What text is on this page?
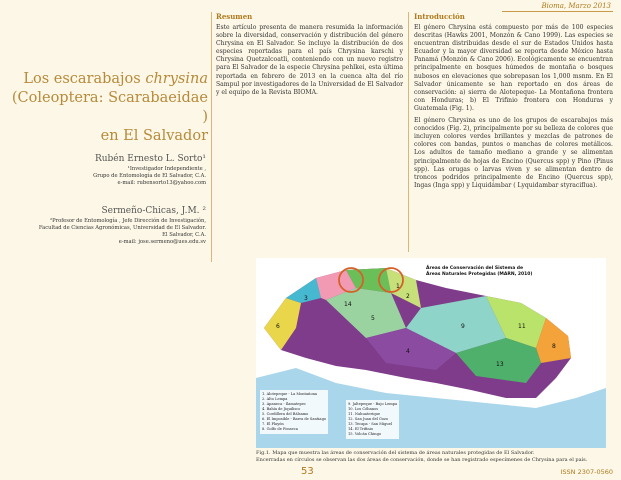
Bioma, Marzo 2013
Los escarabajos chrysina
(Coleoptera: Scarabaeidae )
en El Salvador
Rubén Ernesto L. Sorto¹
¹Investigador Independiente ,
Grupo de Entomología de El Salvador, C.A.
e-mail: rubensorto13@yahoo.com
Sermeño-Chicas, J.M. ²
²Profesor de Entomología , Jefe Dirección de Investigación,
Facultad de Ciencias Agronómicas, Universidad de El Salvador.
El Salvador, C.A.
e-mail: jose.sermeno@ues.edu.sv
Resumen

Este artículo presenta de manera resumida la información sobre la diversidad, conservación y distribución del género Chrysina en El Salvador. Se incluye la distribución de dos especies reportadas para el país Chrysina karschi y Chrysina Quetzalcoatli, conteniendo con un nuevo registro para El Salvador de la especie Chrysina pehlkei, esta última reportada en febrero de 2013 en la cuenca alta del río Sampul por investigadores de la Universidad de El Salvador y el equipo de la Revista BIOMA.

Introducción

El género Chrysina está compuesto por más de 100 especies descritas (Hawks 2001, Monzón & Cano 1999). Las especies se encuentran distribuidas desde el sur de Estados Unidos hasta Ecuador y la mayor diversidad se reporta desde México hasta Panamá (Monzón & Cano 2006). Ecológicamente se encuentran principalmente en bosques húmedos de montaña o bosques nubosos en elevaciones que sobrepasan los 1,000 msnm. En El Salvador únicamente se han reportado en dos áreas de conservación: a) sierra de Alotepeque- La Montañona frontera con Honduras; b) El Trifinio frontera con Honduras y Guatemala (Fig. 1).

El género Chrysina es uno de los grupos de escarabajos más conocidos (Fig. 2), principalmente por su belleza de colores que incluyen colores verdes brillantes y mezclas de patrones de colores con bandas, puntos o manchas de colores metálicos. Los adultos de tamaño mediano a grande y se alimentan principalmente de hojas de Encino (Quercus spp) y Pino (Pinus spp). Las orugas o larvas viven y se alimentan dentro de troncos podridos principalmente de Encino (Quercus spp), Ingas (Inga spp) y Liquidámbar ( Lyquidambar styraciflua).

14
1
6
3
5
2
9	11
8
13
4
Áreas de Conservación del Sistema de
Áreas Naturales Protegidas (MARN, 2010)
1. Alotepeque - La Montañona
2. Alto Lempa
3. Apaneca - Ilamatepec
4. Bahía de Jiquilisco
5. Cordillera del Bálsamo
6. El Imposible - Barra de Santiago
7. El Playón
8. Golfo de Fonseca
9. Jaltepeque - Bajo Lempa
10. Los Cóbanos
11. Nahuaterique
12. San Juan del Gozo
13. Tecapa - San Miguel
14. El Trifinio
15. Volcán Chingo
Fig.1. Mapa que muestra las áreas de conservación del sistema de áreas naturales protegidas de El Salvador.
Encerradas en círculos se observan las dos áreas de conservación, donde se han registrado especímenes de Chrysina para el país.
53	ISSN 2307-0560
